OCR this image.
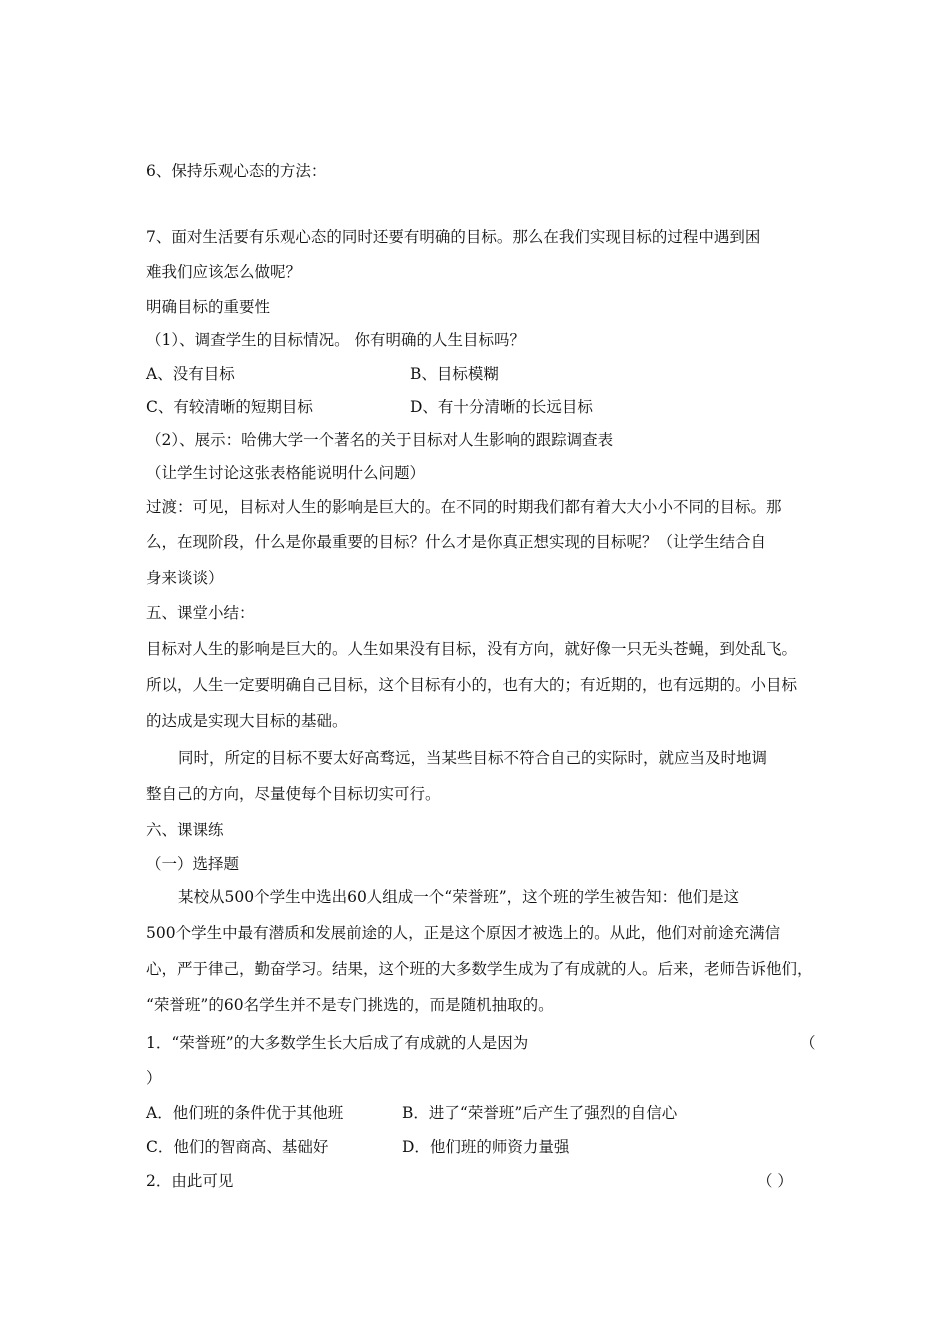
6、保持乐观心态的方法：
7、面对生活要有乐观心态的同时还要有明确的目标。那么在我们实现目标的过程中遇到困
难我们应该怎么做呢？
明确目标的重要性
（1）、调查学生的目标情况。 你有明确的人生目标吗？
A、没有目标	B、目标模糊
C、有较清晰的短期目标	D、有十分清晰的长远目标
（2）、展示：哈佛大学一个著名的关于目标对人生影响的跟踪调查表
（让学生讨论这张表格能说明什么问题）
过渡：可见，目标对人生的影响是巨大的。在不同的时期我们都有着大大小小不同的目标。那
么，在现阶段，什么是你最重要的目标？什么才是你真正想实现的目标呢？（让学生结合自
身来谈谈）
五、课堂小结：
目标对人生的影响是巨大的。人生如果没有目标，没有方向，就好像一只无头苍蝇，到处乱飞。
所以，人生一定要明确自己目标，这个目标有小的，也有大的；有近期的，也有远期的。小目标
的达成是实现大目标的基础。
同时，所定的目标不要太好高骛远，当某些目标不符合自己的实际时，就应当及时地调
整自己的方向，尽量使每个目标切实可行。
六、课课练
（一）选择题
某校从500个学生中选出60人组成一个“荣誉班”，这个班的学生被告知：他们是这
500个学生中最有潜质和发展前途的人，正是这个原因才被选上的。从此，他们对前途充满信
心，严于律己，勤奋学习。结果，这个班的大多数学生成为了有成就的人。后来，老师告诉他们，
“荣誉班”的60名学生并不是专门挑选的，而是随机抽取的。
1．“荣誉班”的大多数学生长大后成了有成就的人是因为	（
）
A．他们班的条件优于其他班	B．进了“荣誉班”后产生了强烈的自信心
C．他们的智商高、基础好	D．他们班的师资力量强
2．由此可见	（ ）
